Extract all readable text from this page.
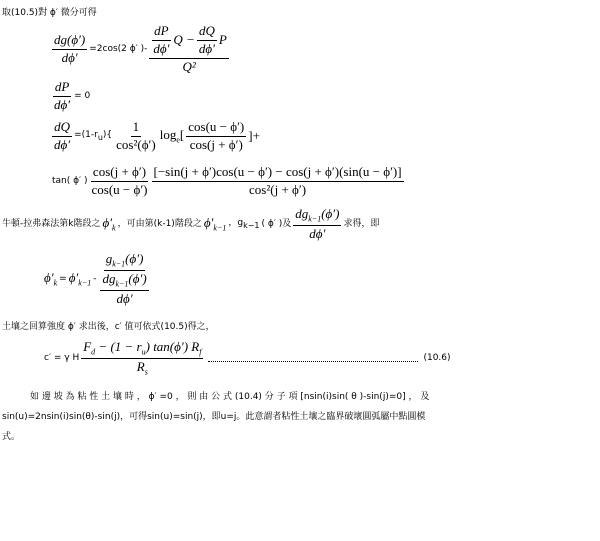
取(10.5)對 ϕ′ 微分可得
$\frac{dg(\phi')}{d\phi'} =2\cos(2$ ϕ′ )- $\frac{\frac{dP}{d\phi'} Q - \frac{dQ}{d\phi'} P}{\text{Q²}}$
$\frac{dP}{d\phi'} = 0$
$\frac{dQ}{d\phi'} =(1-r_u)\{ \frac{1}{\text{cos²(ϕ′)}} \log_e[ \frac{\cos(u - \phi')}{\cos(j + \phi')}$ ]+
tan( ϕ′ ) $\frac{\cos(j + \phi')}{\cos(u - \phi')} \frac{[-\sin(j + \phi')\cos(u - \phi') - \cos(j + \phi')(\sin(u - \phi')]}{\text{cos²(j + ϕ′)}}$
牛頓-拉弗森法第k階段之 $\phi'_k$ ，可由第(k-1)階段之 $\phi'_{k-1}$ ，$g_{k-1}$ ( ϕ′ )及 $\frac{dg_{k-1}(\phi')}{d\phi'}$ 求得，即
$\phi'_k = \phi'_{k-1} - \frac{g_{k-1}(\phi')}{\frac{dg_{k-1}(\phi')}{d\phi'}}$
土壤之回算強度 ϕ′ 求出後，c′ 值可依式(10.5)得之，
c′ = γ H $\frac{F_d - (1 - r_u) \tan(\phi') R_f}{R_s}$	(10.6)
如 邊 坡 為 粘 性 土 壤 時 ， ϕ′ =0 ， 則 由 公 式 (10.4) 分 子 項 [nsin(i)sin( θ )-sin(j)=0] ， 及
sin(u)=2nsin(i)sin(θ)-sin(j)，可得sin(u)=sin(j)，即u=j。此意謂者粘性土壤之臨界破壞圓弧屬中點圓模
式。
